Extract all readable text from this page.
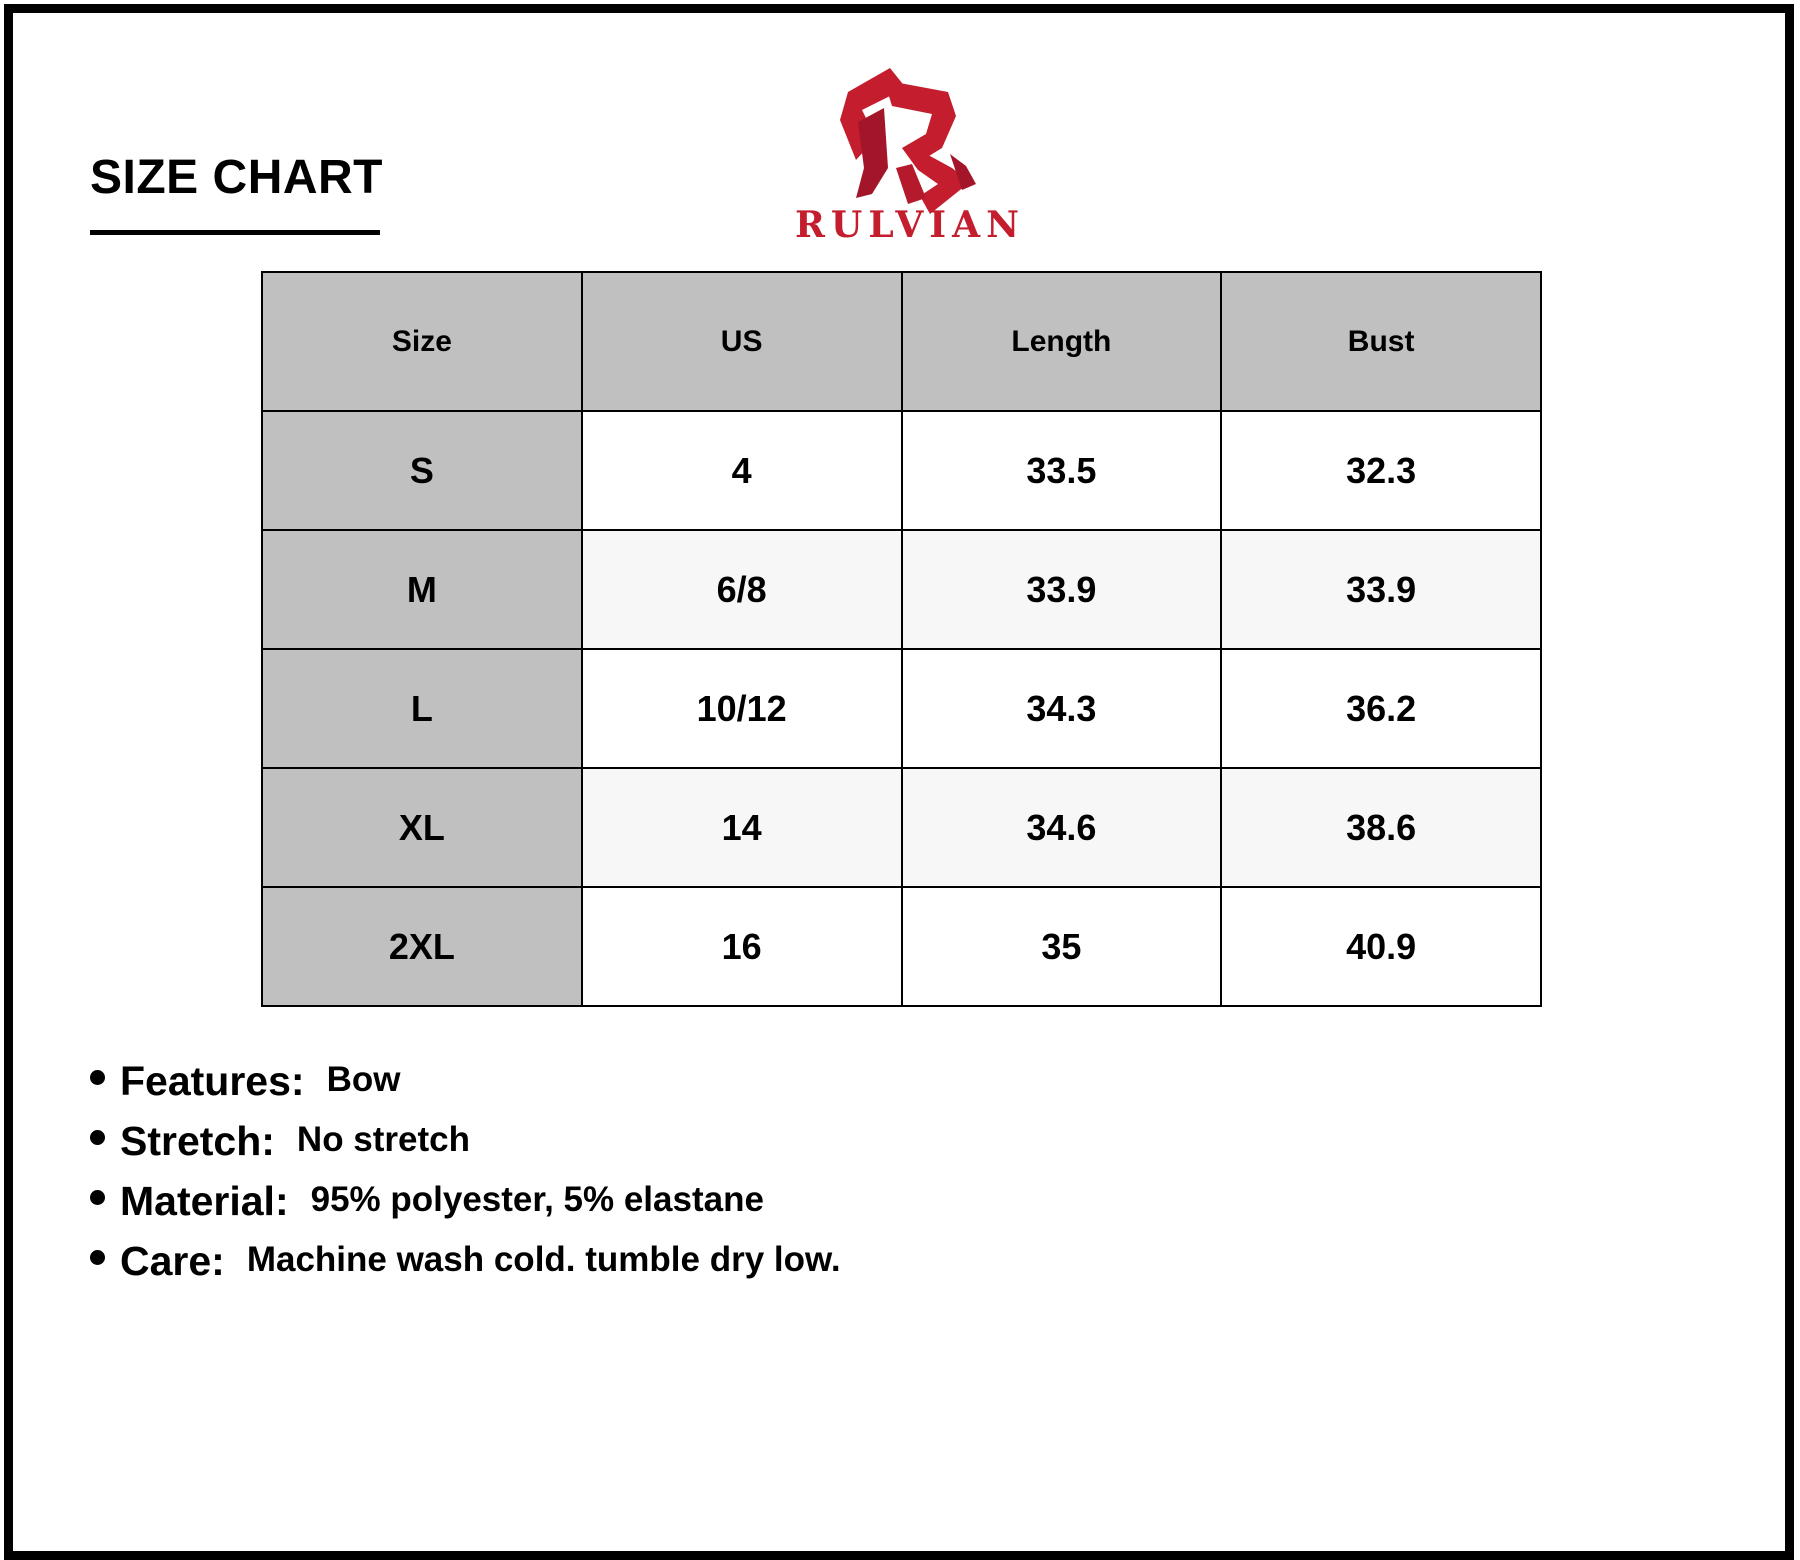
SIZE CHART
RULVIAN
Size	US	Length	Bust
S	4	33.5	32.3
M	6/8	33.9	33.9
L	10/12	34.3	36.2
XL	14	34.6	38.6
2XL	16	35	40.9
Features: Bow
Stretch: No stretch
Material: 95% polyester, 5% elastane
Care: Machine wash cold. tumble dry low.
